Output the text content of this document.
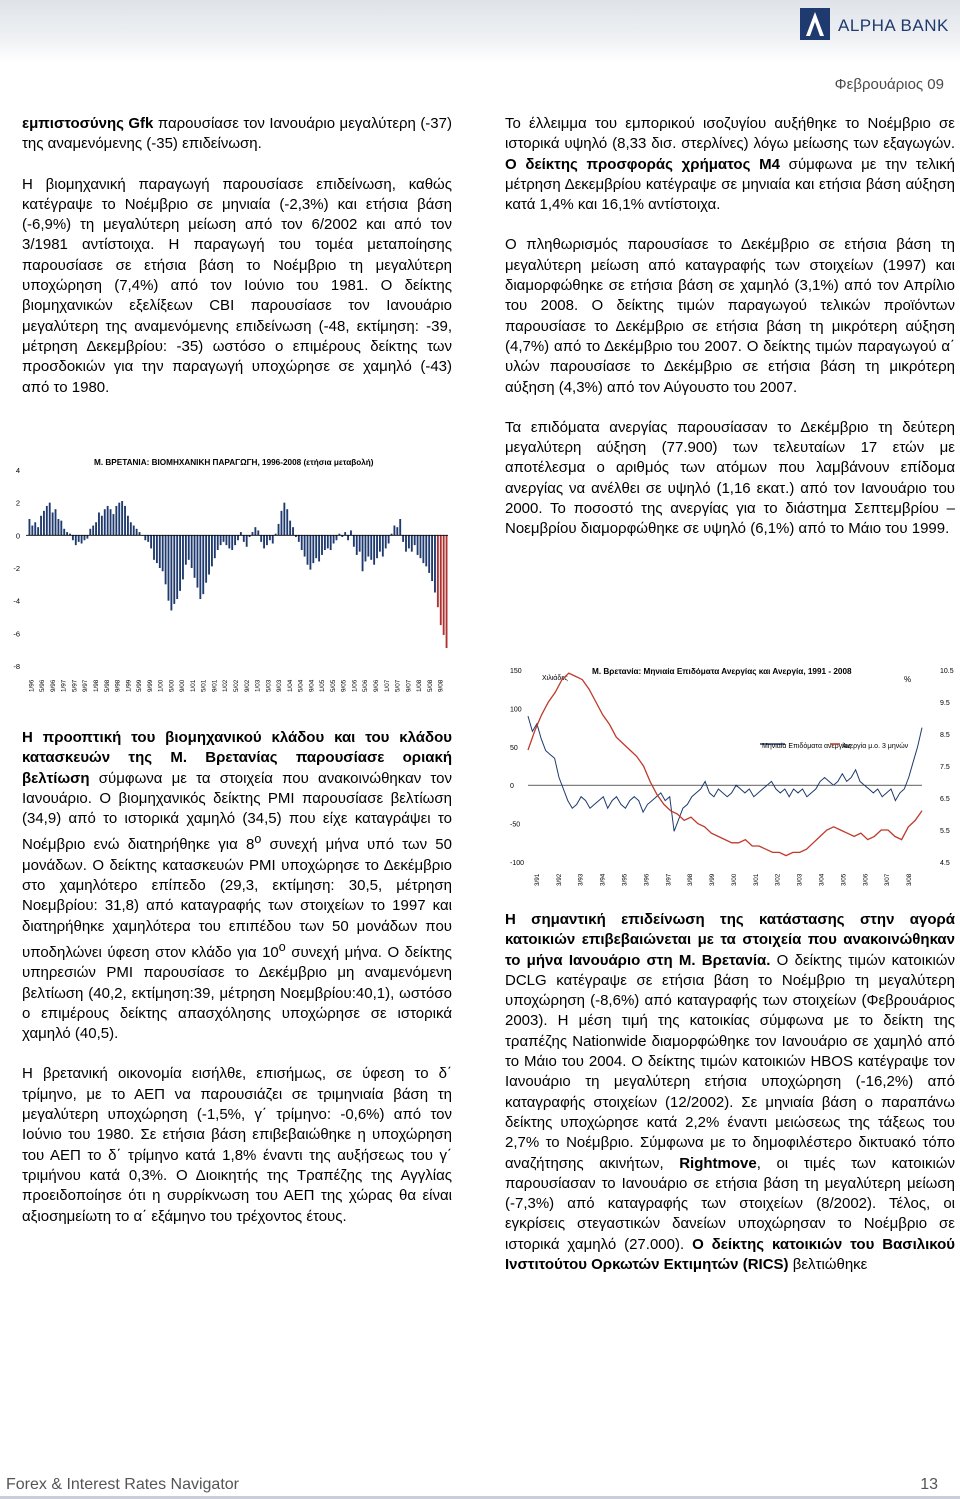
ALPHA BANK
Φεβρουάριος 09

εμπιστοσύνης Gfk παρουσίασε τον Ιανουάριο μεγαλύτερη (-37) της αναμενόμενης (-35) επιδείνωση.

Η βιομηχανική παραγωγή παρουσίασε επιδείνωση, καθώς κατέγραψε το Νοέμβριο σε μηνιαία (-2,3%) και ετήσια βάση (-6,9%) τη μεγαλύτερη μείωση από τον 6/2002 και από τον 3/1981 αντίστοιχα. Η παραγωγή του τομέα μεταποίησης παρουσίασε σε ετήσια βάση το Νοέμβριο τη μεγαλύτερη υποχώρηση (7,4%) από τον Ιούνιο του 1981. Ο δείκτης βιομηχανικών εξελίξεων CBI παρουσίασε τον Ιανουάριο μεγαλύτερη της αναμενόμενης επιδείνωση (-48, εκτίμηση: -39, μέτρηση Δεκεμβρίου: -35) ωστόσο ο επιμέρους δείκτης των προσδοκιών για την παραγωγή υποχώρησε σε χαμηλό (-43) από το 1980.

Μ. ΒΡΕΤΑΝΙΑ: ΒΙΟΜΗΧΑΝΙΚΗ ΠΑΡΑΓΩΓΗ, 1996-2008 (ετήσια μεταβολή)
4
2
0
-2
-4
-6
-8
1/96 5/96 9/96 1/97 5/97 9/97 1/98 5/98 9/98 1/99 5/99 9/99 1/00 5/00 9/00 1/01 5/01 9/01 1/02 5/02 9/02 1/03 5/03 9/03 1/04 5/04 9/04 1/05 5/05 9/05 1/06 5/06 9/06 1/07 5/07 9/07 1/08 5/08 9/08

Η προοπτική του βιομηχανικού κλάδου και του κλάδου κατασκευών της Μ. Βρετανίας παρουσίασε οριακή βελτίωση σύμφωνα με τα στοιχεία που ανακοινώθηκαν τον Ιανουάριο. Ο βιομηχανικός δείκτης PMI παρουσίασε βελτίωση (34,9) από το ιστορικά χαμηλό (34,5) που είχε καταγράψει το Νοέμβριο ενώ διατηρήθηκε για $8^o$ συνεχή μήνα υπό των 50 μονάδων. Ο δείκτης κατασκευών PMI υποχώρησε το Δεκέμβριο στο χαμηλότερο επίπεδο (29,3, εκτίμηση: 30,5, μέτρηση Νοεμβρίου: 31,8) από καταγραφής των στοιχείων το 1997 και διατηρήθηκε χαμηλότερα του επιπέδου των 50 μονάδων που υποδηλώνει ύφεση στον κλάδο για $10^o$ συνεχή μήνα. Ο δείκτης υπηρεσιών PMI παρουσίασε το Δεκέμβριο μη αναμενόμενη βελτίωση (40,2, εκτίμηση:39, μέτρηση Νοεμβρίου:40,1), ωστόσο ο επιμέρους δείκτης απασχόλησης υποχώρησε σε ιστορικά χαμηλό (40,5).

Η βρετανική οικονομία εισήλθε, επισήμως, σε ύφεση το δ΄ τρίμηνο, με το ΑΕΠ να παρουσιάζει σε τριμηνιαία βάση τη μεγαλύτερη υποχώρηση (-1,5%, γ΄ τρίμηνο: -0,6%) από τον Ιούνιο του 1980. Σε ετήσια βάση επιβεβαιώθηκε η υποχώρηση του ΑΕΠ το δ΄ τρίμηνο κατά 1,8% έναντι της αυξήσεως του γ΄ τριμήνου κατά 0,3%. Ο Διοικητής της Τραπέζης της Αγγλίας προειδοποίησε ότι η συρρίκνωση του ΑΕΠ της χώρας θα είναι αξιοσημείωτη το α΄ εξάμηνο του τρέχοντος έτους.

Το έλλειμμα του εμπορικού ισοζυγίου αυξήθηκε το Νοέμβριο σε ιστορικά υψηλό (8,33 δισ. στερλίνες) λόγω μείωσης των εξαγωγών. Ο δείκτης προσφοράς χρήματος Μ4 σύμφωνα με την τελική μέτρηση Δεκεμβρίου κατέγραψε σε μηνιαία και ετήσια βάση αύξηση κατά 1,4% και 16,1% αντίστοιχα.

Ο πληθωρισμός παρουσίασε το Δεκέμβριο σε ετήσια βάση τη μεγαλύτερη μείωση από καταγραφής των στοιχείων (1997) και διαμορφώθηκε σε ετήσια βάση σε χαμηλό (3,1%) από τον Απρίλιο του 2008. Ο δείκτης τιμών παραγωγού τελικών προϊόντων παρουσίασε το Δεκέμβριο σε ετήσια βάση τη μικρότερη αύξηση (4,7%) από το Δεκέμβριο του 2007. Ο δείκτης τιμών παραγωγού α΄ υλών παρουσίασε το Δεκέμβριο σε ετήσια βάση τη μικρότερη αύξηση (4,3%) από τον Αύγουστο του 2007.

Τα επιδόματα ανεργίας παρουσίασαν το Δεκέμβριο τη δεύτερη μεγαλύτερη αύξηση (77.900) των τελευταίων 17 ετών με αποτέλεσμα ο αριθμός των ατόμων που λαμβάνουν επίδομα ανεργίας να ανέλθει σε υψηλό (1,16 εκατ.) από τον Ιανουάριο του 2000. Το ποσοστό της ανεργίας για το διάστημα Σεπτεμβρίου – Νοεμβρίου διαμορφώθηκε σε υψηλό (6,1%) από το Μάιο του 1999.

Μ. Βρετανία: Μηνιαία Επιδόματα Ανεργίας και Ανεργία, 1991 - 2008
Χιλιάδες	%
Μηνιαία Επιδόματα ανεργίας
Ανεργία μ.ο. 3 μηνών
150
100
50
0
-50
-100
10.5
9.5
8.5
7.5
6.5
5.5
4.5
3/91 3/92 3/93 3/94 3/95 3/96 3/97 3/98 3/99 3/00 3/01 3/02 3/03 3/04 3/05 3/06 3/07 3/08

Η σημαντική επιδείνωση της κατάστασης στην αγορά κατοικιών επιβεβαιώνεται με τα στοιχεία που ανακοινώθηκαν το μήνα Ιανουάριο στη Μ. Βρετανία. Ο δείκτης τιμών κατοικιών DCLG κατέγραψε σε ετήσια βάση το Νοέμβριο τη μεγαλύτερη υποχώρηση (-8,6%) από καταγραφής των στοιχείων (Φεβρουάριος 2003). Η μέση τιμή της κατοικίας σύμφωνα με το δείκτη της τραπέζης Nationwide διαμορφώθηκε τον Ιανουάριο σε χαμηλό από το Μάιο του 2004. Ο δείκτης τιμών κατοικιών HBOS κατέγραψε τον Ιανουάριο τη μεγαλύτερη ετήσια υποχώρηση (-16,2%) από καταγραφής στοιχείων (12/2002). Σε μηνιαία βάση ο παραπάνω δείκτης υποχώρησε κατά 2,2% έναντι μειώσεως της τάξεως του 2,7% το Νοέμβριο. Σύμφωνα με το δημοφιλέστερο δικτυακό τόπο αναζήτησης ακινήτων, Rightmove, οι τιμές των κατοικιών παρουσίασαν το Ιανουάριο σε ετήσια βάση τη μεγαλύτερη μείωση (-7,3%) από καταγραφής των στοιχείων (8/2002). Τέλος, οι εγκρίσεις στεγαστικών δανείων υποχώρησαν το Νοέμβριο σε ιστορικά χαμηλό (27.000). Ο δείκτης κατοικιών του Βασιλικού Ινστιτούτου Ορκωτών Εκτιμητών (RICS) βελτιώθηκε

Forex & Interest Rates Navigator	13
